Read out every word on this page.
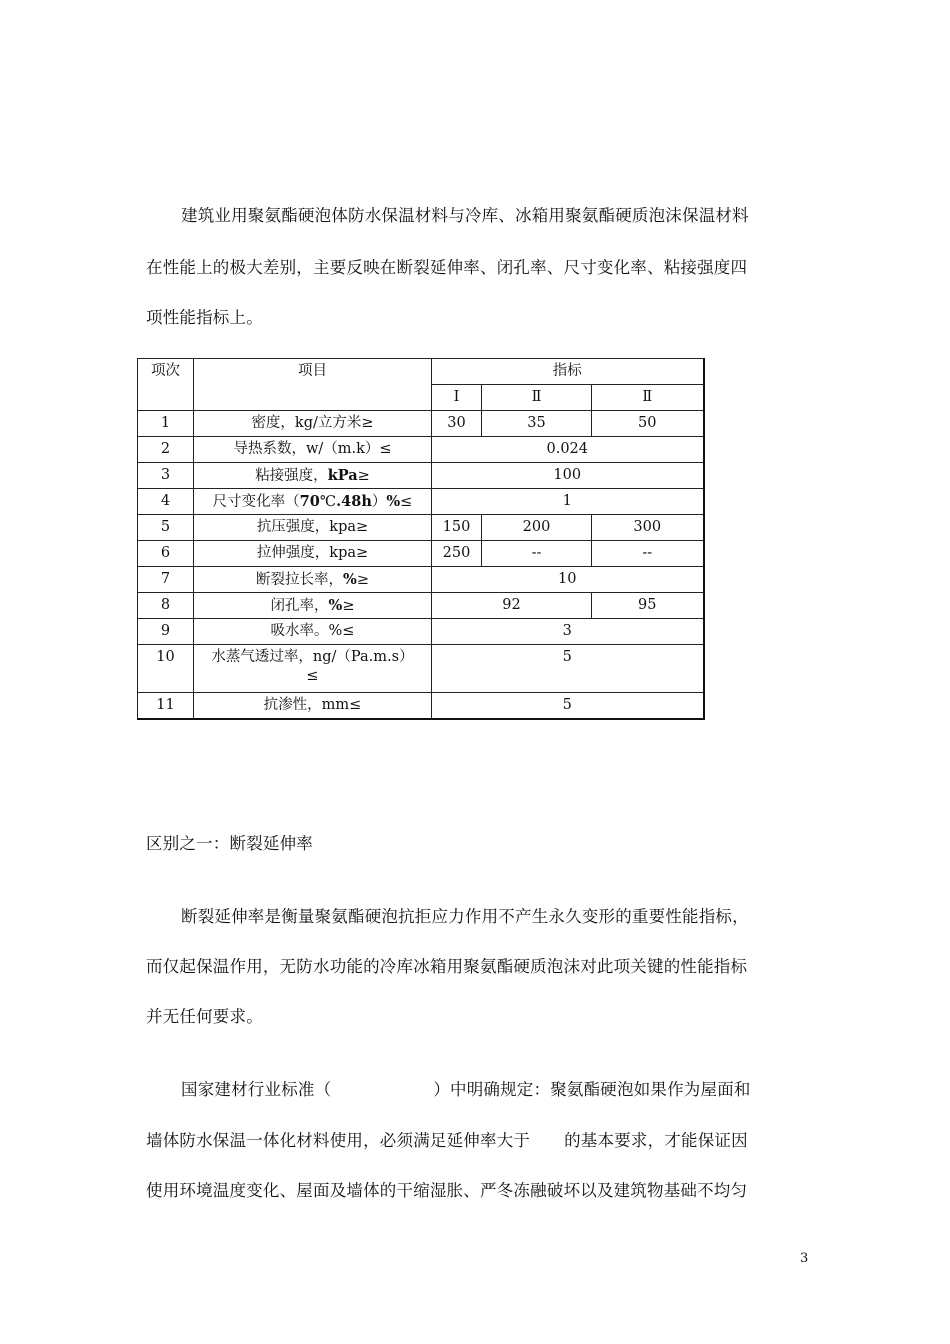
建筑业用聚氨酯硬泡体防水保温材料与冷库、冰箱用聚氨酯硬质泡沫保温材料
在性能上的极大差别，主要反映在断裂延伸率、闭孔率、尺寸变化率、粘接强度四
项性能指标上。
项次	项目	指标		
		Ⅰ	Ⅱ	Ⅱ
1	密度，kg/立方米≥	30	35	50
2	导热系数，w/（m.k）≤	0.024		
3	粘接强度，kPa≥	100		
4	尺寸变化率（70℃.48h）%≤	1		
5	抗压强度，kpa≥	150	200	300
6	拉伸强度，kpa≥	250	--	--
7	断裂拉长率，%≥	10		
8	闭孔率，%≥	92		95
9	吸水率。%≤	3		
10	水蒸气透过率，ng/（Pa.m.s）
≤	5		
11	抗渗性，mm≤	5		
区别之一：断裂延伸率
断裂延伸率是衡量聚氨酯硬泡抗拒应力作用不产生永久变形的重要性能指标，
而仅起保温作用，无防水功能的冷库冰箱用聚氨酯硬质泡沫对此项关键的性能指标
并无任何要求。
国家建材行业标准（	）中明确规定：聚氨酯硬泡如果作为屋面和
墙体防水保温一体化材料使用，必须满足延伸率大于 的基本要求，才能保证因
使用环境温度变化、屋面及墙体的干缩湿胀、严冬冻融破坏以及建筑物基础不均匀
3
